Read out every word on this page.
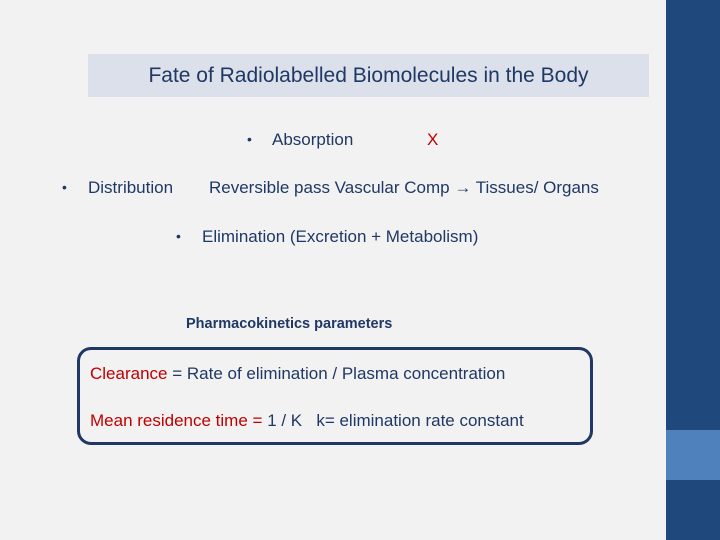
Fate of Radiolabelled Biomolecules in the Body
• Absorption	X
• Distribution Reversible pass Vascular Comp → Tissues/ Organs
• Elimination (Excretion + Metabolism)
Pharmacokinetics parameters
Clearance = Rate of elimination / Plasma concentration
Mean residence time = 1 / K   k= elimination rate constant
